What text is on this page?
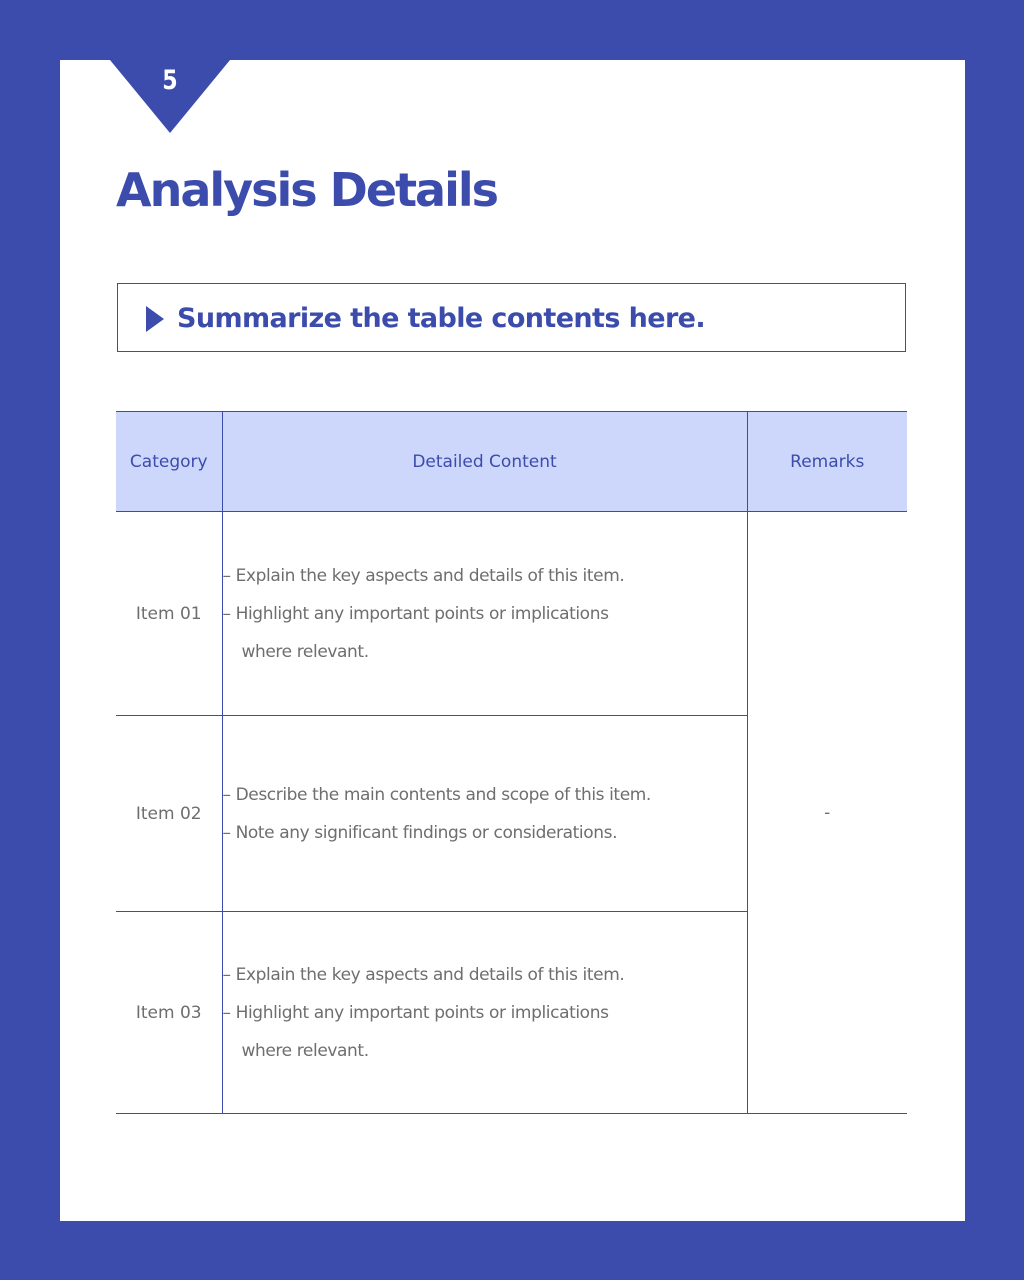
5
Analysis Details
Summarize the table contents here.
Category	Detailed Content	Remarks
Item 01	– Explain the key aspects and details of this item.
– Highlight any important points or implications
where relevant.	-
Item 02	– Describe the main contents and scope of this item.
– Note any significant findings or considerations.	

Item 03	– Explain the key aspects and details of this item.
– Highlight any important points or implications
where relevant.	
